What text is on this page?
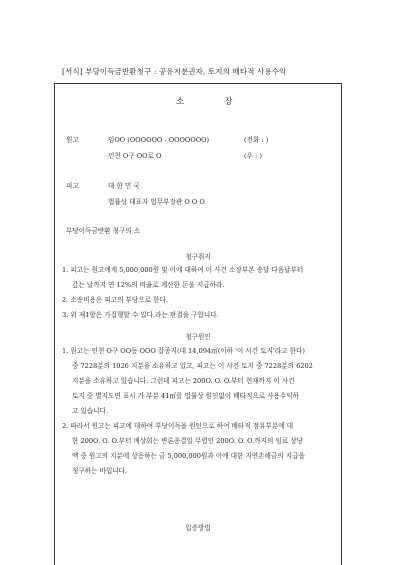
[서식] 부당이득금반환청구 : 공유지분권자, 토지의 배타적 사용수익
소장
원고	임OO (OOOOOO - OOOOOOO)	(전화 : )
인천 O구 OO로 O	(우 : )
피고	대 한 민 국
법률상 대표자 법무부장관 O O O
부당이득금반환 청구의 소
청구취지
1. 피고는 원고에게 5,000,000원 및 이에 대하여 이 사건 소장부본 송달 다음날부터
갚는 날까지 연 12%의 비율로 계산한 돈을 지급하라.
2. 소송비용은 피고의 부담으로 한다.
3. 위 제1항은 가집행할 수 있다.라는 판결을 구합니다.
청구원인
1. 원고는 인천 O구 OO동 OOO 잡종지(대 14,094㎡(이하 '이 사건 토지'라고 한다)
중 7228분의 1026 지분을 소유하고 있고, 피고는 이 사건 토지 중 7228분의 6202
지분을 소유하고 있습니다. 그런데 피고는 200O. O. O.부터 현재까지 이 사건
토지 중 별지도면 표시 가 부분 41㎡를 법률상 원인없이 배타적으로 사용수익하
고 있습니다.
2. 따라서 원고는 피고에 대하여 부당이득을 원인으로 하여 배타적 점유부분에 대
한 200O. O. O.부터 매상회는 변론종결일 무렵인 200O. O. O.까지의 임료 상당
액 중 원고의 지분에 상응하는 금 5,000,000원과 이에 대한 지연손해금의 지급을
청구하는 바입니다.
입증방법
